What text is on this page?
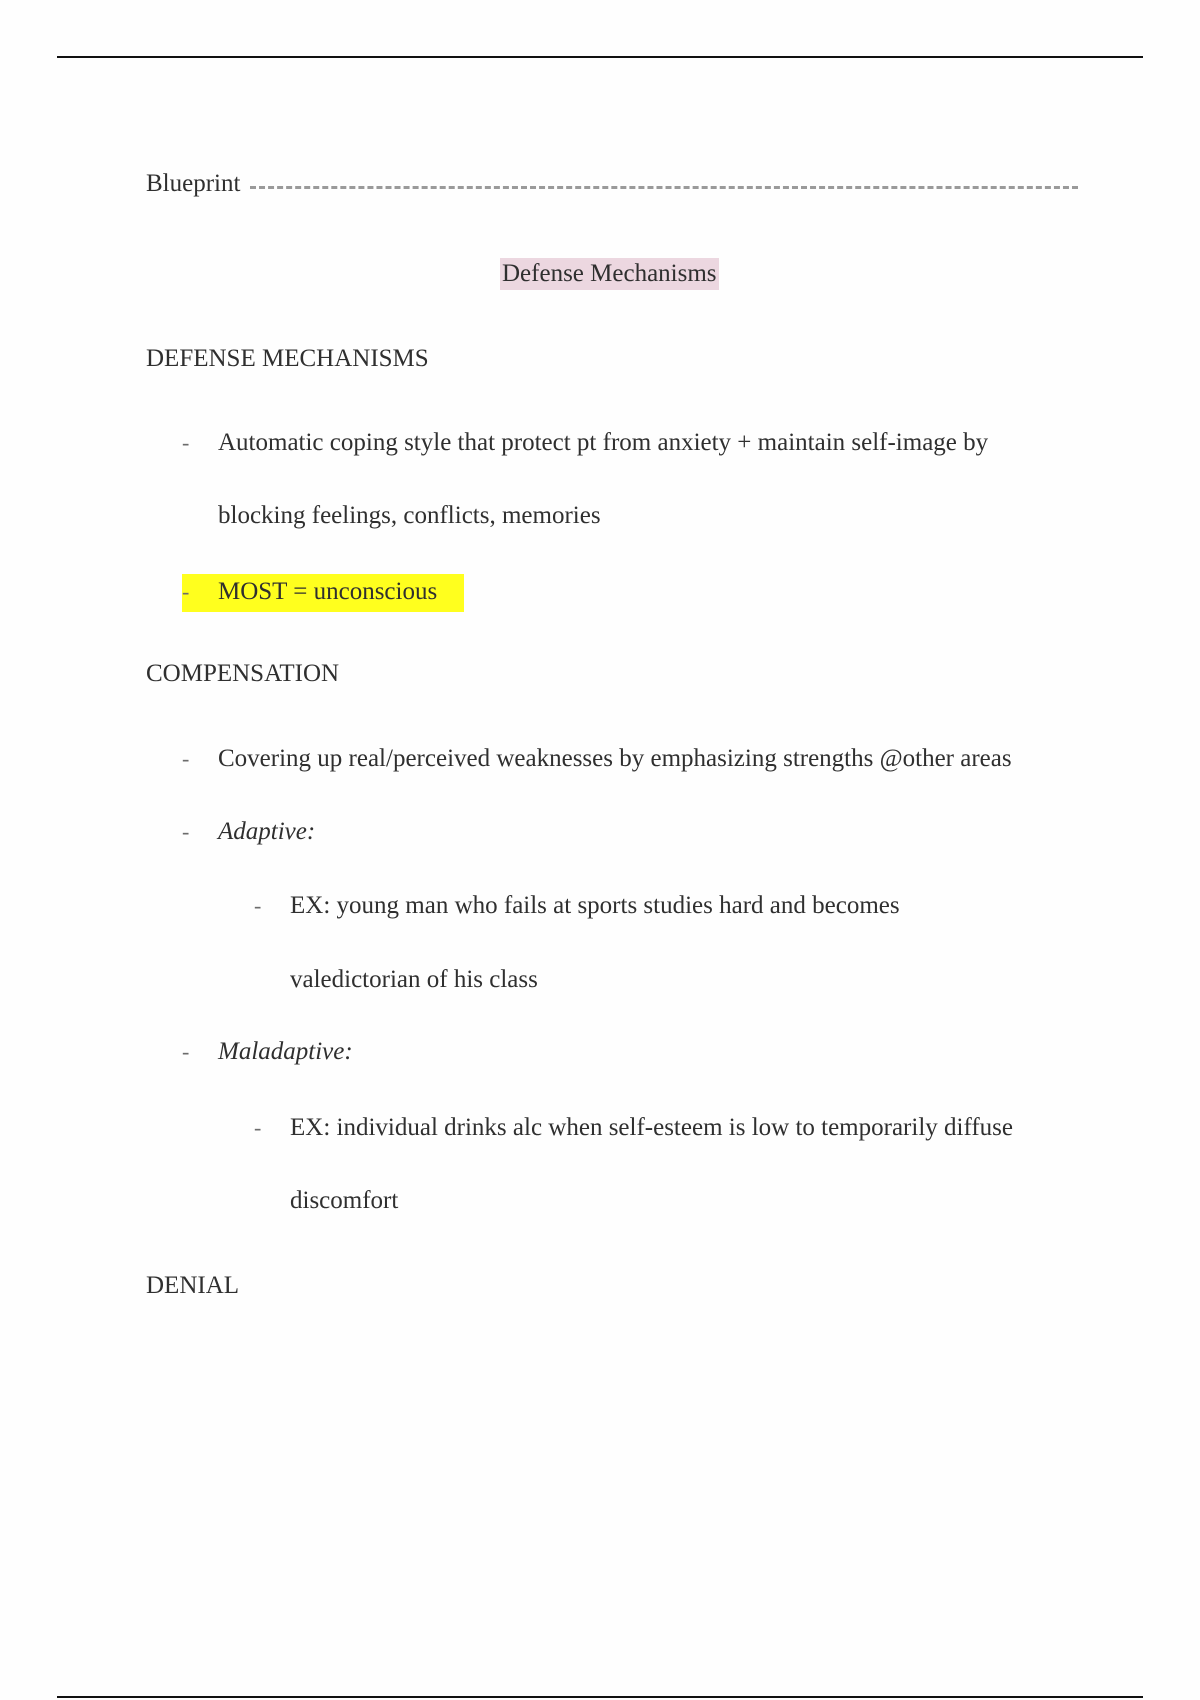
Blueprint
Defense Mechanisms
DEFENSE MECHANISMS
- Automatic coping style that protect pt from anxiety + maintain self-image by
blocking feelings, conflicts, memories
- MOST = unconscious
COMPENSATION
- Covering up real/perceived weaknesses by emphasizing strengths @other areas
- Adaptive:
- EX: young man who fails at sports studies hard and becomes
valedictorian of his class
- Maladaptive:
- EX: individual drinks alc when self-esteem is low to temporarily diffuse
discomfort
DENIAL
